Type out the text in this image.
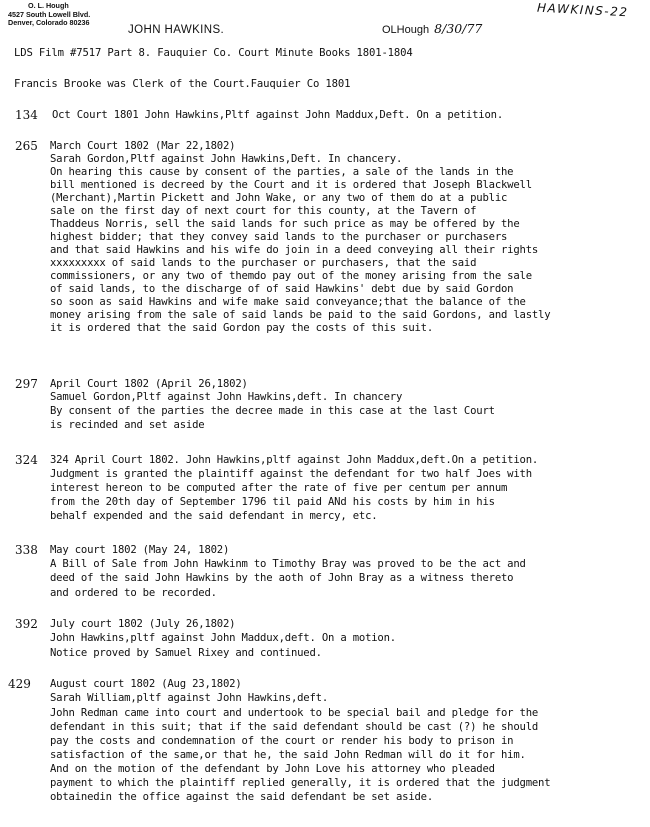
O. L. Hough
4527 South Lowell Blvd.
Denver, Colorado 80236
JOHN HAWKINS.	OLHough 8/30/77
HAWKINS-22
LDS Film #7517 Part 8. Fauquier Co. Court Minute Books 1801-1804
Francis Brooke was Clerk of the Court.Fauquier Co 1801
134 Oct Court 1801 John Hawkins,Pltf against John Maddux,Deft. On a petition.
265 March Court 1802 (Mar 22,1802)
Sarah Gordon,Pltf against John Hawkins,Deft. In chancery.
On hearing this cause by consent of the parties, a sale of the lands in the
bill mentioned is decreed by the Court and it is ordered that Joseph Blackwell
(Merchant),Martin Pickett and John Wake, or any two of them do at a public
sale on the first day of next court for this county, at the Tavern of
Thaddeus Norris, sell the said lands for such price as may be offered by the
highest bidder; that they convey said lands to the purchaser or purchasers
and that said Hawkins and his wife do join in a deed conveying all their rights
xxxxxxxxx of said lands to the purchaser or purchasers, that the said
commissioners, or any two of themdo pay out of the money arising from the sale
of said lands, to the discharge of of said Hawkins' debt due by said Gordon
so soon as said Hawkins and wife make said conveyance;that the balance of the
money arising from the sale of said lands be paid to the said Gordons, and lastly
it is ordered that the said Gordon pay the costs of this suit.
297 April Court 1802 (April 26,1802)
Samuel Gordon,Pltf against John Hawkins,deft. In chancery
By consent of the parties the decree made in this case at the last Court
is recinded and set aside
324 324 April Court 1802. John Hawkins,pltf against John Maddux,deft.On a petition.
Judgment is granted the plaintiff against the defendant for two half Joes with
interest hereon to be computed after the rate of five per centum per annum
from the 20th day of September 1796 til paid ANd his costs by him in his
behalf expended and the said defendant in mercy, etc.
338 May court 1802 (May 24, 1802)
A Bill of Sale from John Hawkinm to Timothy Bray was proved to be the act and
deed of the said John Hawkins by the aoth of John Bray as a witness thereto
and ordered to be recorded.
392 July court 1802 (July 26,1802)
John Hawkins,pltf against John Maddux,deft. On a motion.
Notice proved by Samuel Rixey and continued.
429 August court 1802 (Aug 23,1802)
Sarah William,pltf against John Hawkins,deft.
John Redman came into court and undertook to be special bail and pledge for the
defendant in this suit; that if the said defendant should be cast (?) he should
pay the costs and condemnation of the court or render his body to prison in
satisfaction of the same,or that he, the said John Redman will do it for him.
And on the motion of the defendant by John Love his attorney who pleaded
payment to which the plaintiff replied generally, it is ordered that the judgment
obtainedin the office against the said defendant be set aside.
